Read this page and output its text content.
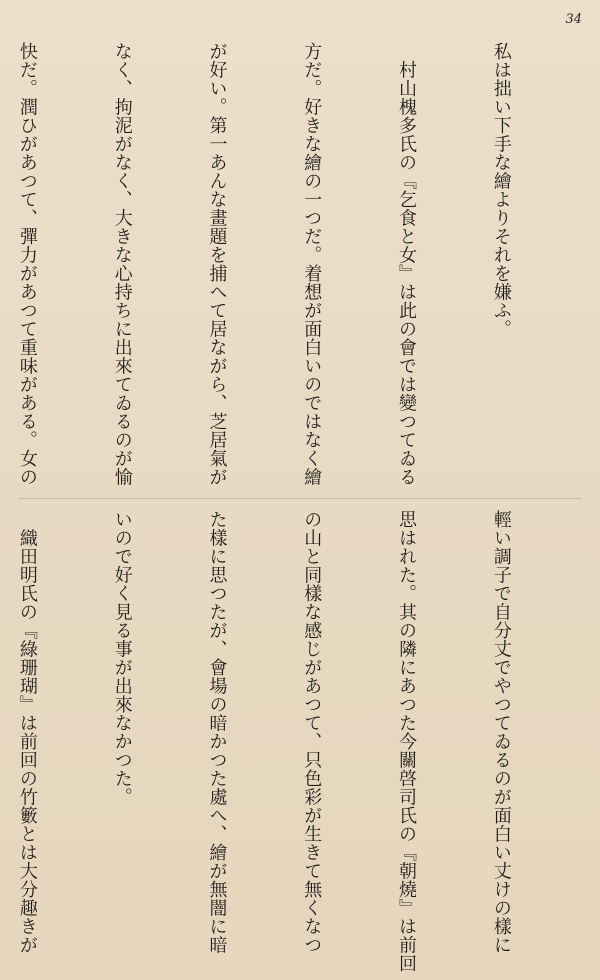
34

私は拙い下手な繪よりそれを嫌ふ。

　村山槐多氏の『乞食と女』は此の會では變つてゐる

方だ。好きな繪の一つだ。着想が面白いのではなく繪

が好い。第一あんな畫題を捕へて居ながら、芝居氣が

なく、拘泥がなく、大きな心持ちに出來てゐるのが愉

快だ。潤ひがあつて、彈力があつて重味がある。女の

輕い調子で自分丈でやつてゐるのが面白い丈けの樣に

思はれた。其の隣にあつた今關啓司氏の『朝燒』は前回

の山と同樣な感じがあつて、只色彩が生きて無くなつ

た樣に思つたが、會場の暗かつた處へ、繪が無闇に暗

いので好く見る事が出來なかつた。

　織田明氏の『綠珊瑚』は前回の竹籔とは大分趣きが
